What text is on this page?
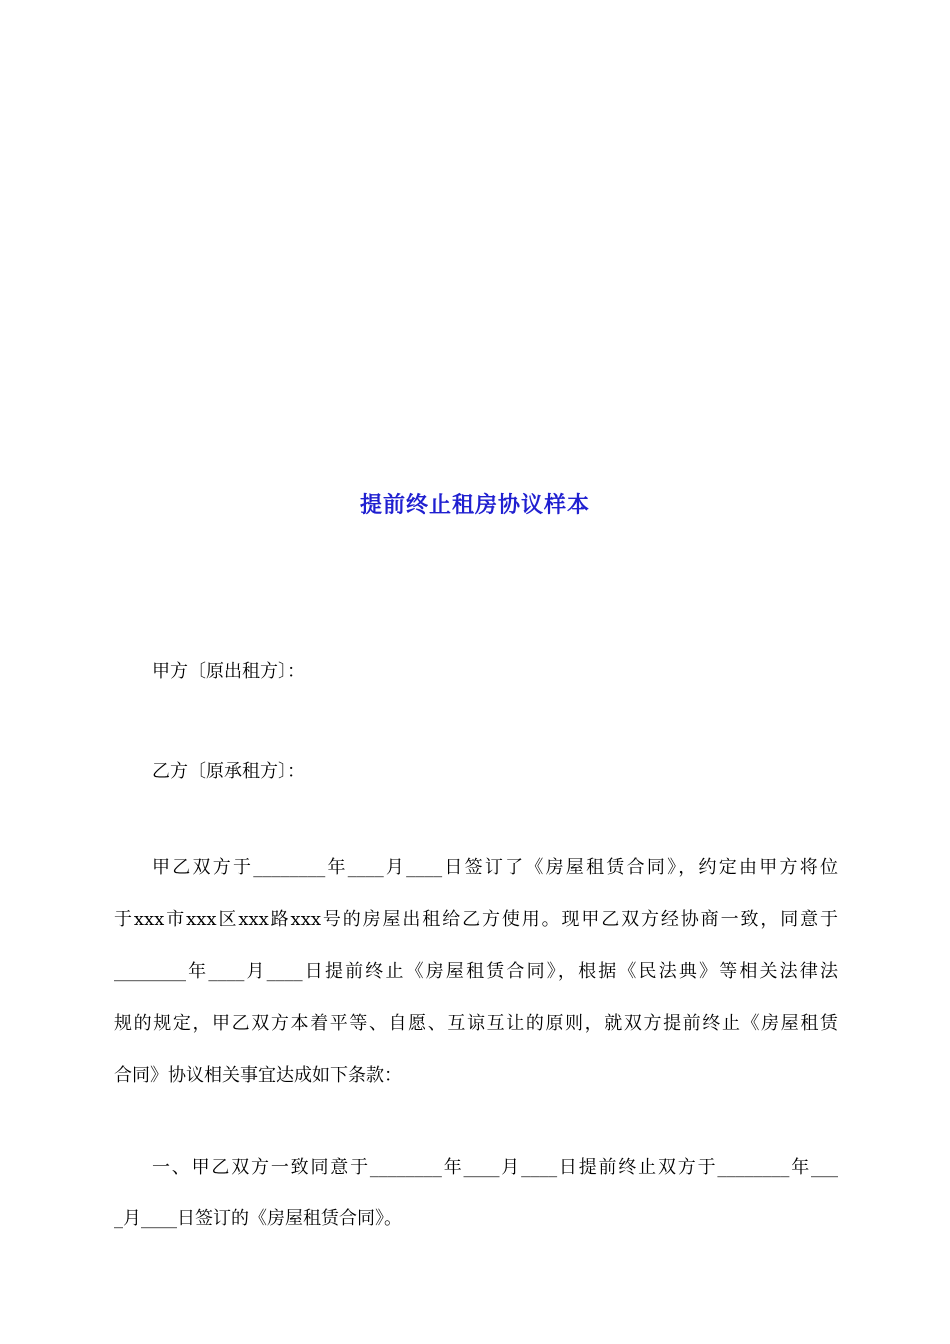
提前终止租房协议样本

甲方〔原出租方〕：

乙方〔原承租方〕：

甲乙双方于________年____月____日签订了《房屋租赁合同》，约定由甲方将位
于xxx市xxx区xxx路xxx号的房屋出租给乙方使用。现甲乙双方经协商一致，同意于
________年____月____日提前终止《房屋租赁合同》，根据《民法典》等相关法律法
规的规定，甲乙双方本着平等、自愿、互谅互让的原则，就双方提前终止《房屋租赁
合同》协议相关事宜达成如下条款：
一、甲乙双方一致同意于________年____月____日提前终止双方于________年___
_月____日签订的《房屋租赁合同》。
